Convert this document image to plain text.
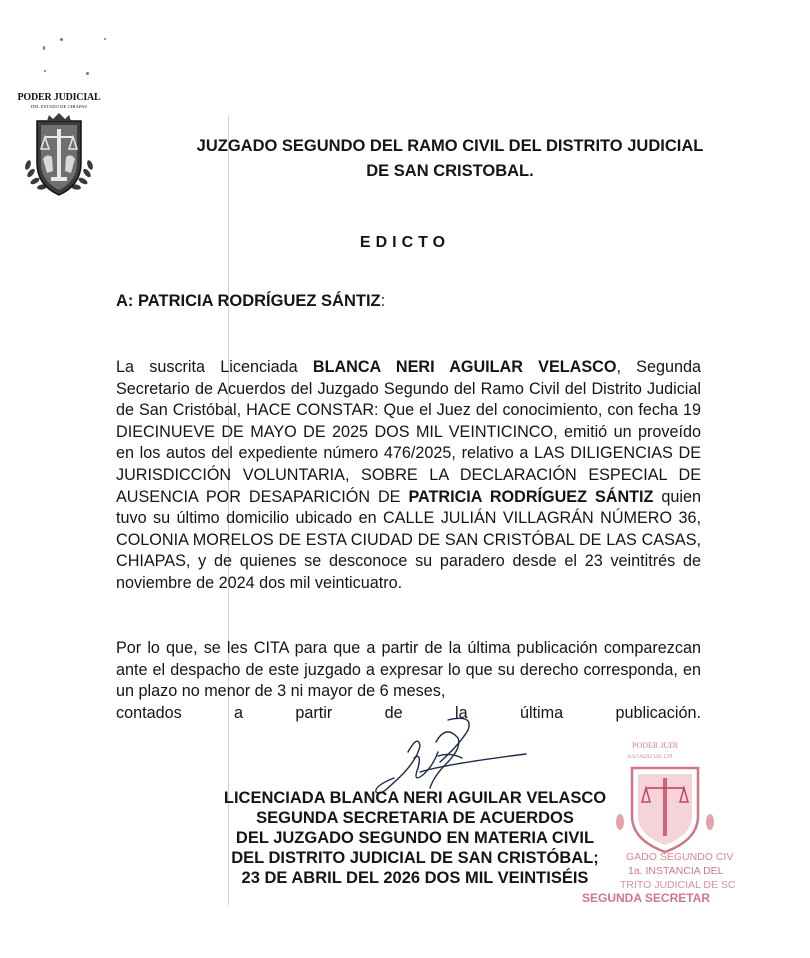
PODER JUDICIAL
DEL ESTADO DE CHIAPAS
JUZGADO SEGUNDO DEL RAMO CIVIL DEL DISTRITO JUDICIAL
DE SAN CRISTOBAL.
EDICTO
A: PATRICIA RODRÍGUEZ SÁNTIZ:

La suscrita Licenciada BLANCA NERI AGUILAR VELASCO, Segunda Secretario de Acuerdos del Juzgado Segundo del Ramo Civil del Distrito Judicial de San Cristóbal, HACE CONSTAR: Que el Juez del conocimiento, con fecha 19 DIECINUEVE DE MAYO DE 2025 DOS MIL VEINTICINCO, emitió un proveído en los autos del expediente número 476/2025, relativo a LAS DILIGENCIAS DE JURISDICCIÓN VOLUNTARIA, SOBRE LA DECLARACIÓN ESPECIAL DE AUSENCIA POR DESAPARICIÓN DE PATRICIA RODRÍGUEZ SÁNTIZ quien tuvo su último domicilio ubicado en CALLE JULIÁN VILLAGRÁN NÚMERO 36, COLONIA MORELOS DE ESTA CIUDAD DE SAN CRISTÓBAL DE LAS CASAS, CHIAPAS, y de quienes se desconoce su paradero desde el 23 veintitrés de noviembre de 2024 dos mil veinticuatro.

Por lo que, se les CITA para que a partir de la última publicación comparezcan ante el despacho de este juzgado a expresar lo que su derecho corresponda, en un plazo no menor de 3 ni mayor de 6 meses,
contados	a	partir	de	la	última	publicación.
LICENCIADA BLANCA NERI AGUILAR VELASCO
SEGUNDA SECRETARIA DE ACUERDOS
DEL JUZGADO SEGUNDO EN MATERIA CIVIL
DEL DISTRITO JUDICIAL DE SAN CRISTÓBAL;
23 DE ABRIL DEL 2026 DOS MIL VEINTISÉIS
PODER JUDI
ESTADO DE CH
GADO SEGUNDO CIV
1a. INSTANCIA DEL
TRITO JUDICIAL DE SC
SEGUNDA SECRETAR
